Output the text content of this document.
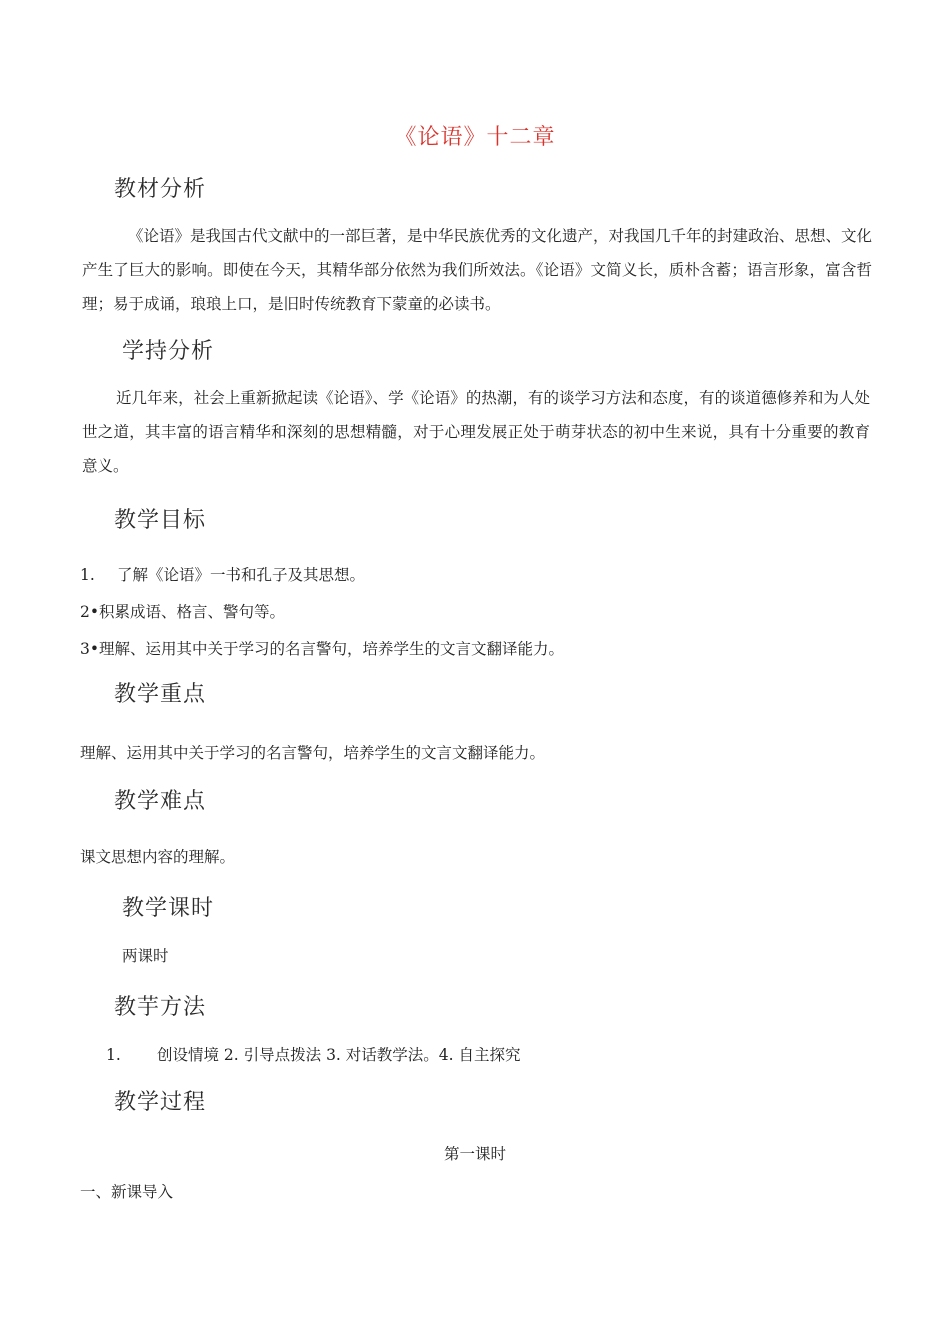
《论语》十二章
教材分析

《论语》是我国古代文献中的一部巨著，是中华民族优秀的文化遗产，对我国几千年的封建政治、思想、文化产生了巨大的影响。即使在今天，其精华部分依然为我们所效法。《论语》文简义长，质朴含蓄；语言形象，富含哲理；易于成诵，琅琅上口，是旧时传统教育下蒙童的必读书。

学持分析

近几年来，社会上重新掀起读《论语》、学《论语》的热潮，有的谈学习方法和态度，有的谈道德修养和为人处世之道，其丰富的语言精华和深刻的思想精髓，对于心理发展正处于萌芽状态的初中生来说，具有十分重要的教育意义。

教学目标

1. 了解《论语》一书和孔子及其思想。

2•积累成语、格言、警句等。

3•理解、运用其中关于学习的名言警句，培养学生的文言文翻译能力。

教学重点

理解、运用其中关于学习的名言警句，培养学生的文言文翻译能力。

教学难点

课文思想内容的理解。

教学课时

两课时

教芋方法

1. 创设情境 2. 引导点拨法 3. 对话教学法。4. 自主探究

教学过程

第一课时

一、新课导入
